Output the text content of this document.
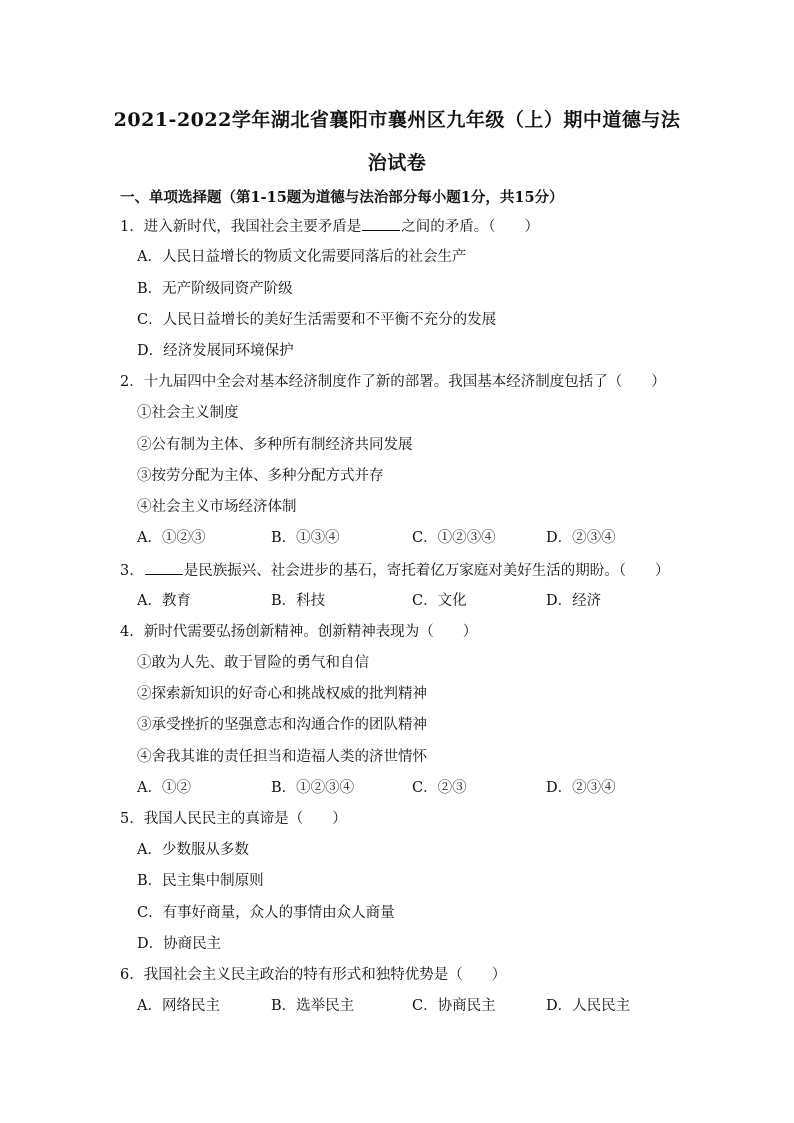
2021-2022学年湖北省襄阳市襄州区九年级（上）期中道德与法
治试卷
一、单项选择题（第1-15题为道德与法治部分每小题1分，共15分）
1．进入新时代，我国社会主要矛盾是	之间的矛盾。（　　）
A．人民日益增长的物质文化需要同落后的社会生产
B．无产阶级同资产阶级
C．人民日益增长的美好生活需要和不平衡不充分的发展
D．经济发展同环境保护
2．十九届四中全会对基本经济制度作了新的部署。我国基本经济制度包括了（　　）
①社会主义制度
②公有制为主体、多种所有制经济共同发展
③按劳分配为主体、多种分配方式并存
④社会主义市场经济体制
A．①②③	B．①③④	C．①②③④	D．②③④
3．	是民族振兴、社会进步的基石，寄托着亿万家庭对美好生活的期盼。（　　）
A．教育	B．科技	C．文化	D．经济
4．新时代需要弘扬创新精神。创新精神表现为（　　）
①敢为人先、敢于冒险的勇气和自信
②探索新知识的好奇心和挑战权威的批判精神
③承受挫折的坚强意志和沟通合作的团队精神
④舍我其谁的责任担当和造福人类的济世情怀
A．①②	B．①②③④	C．②③	D．②③④
5．我国人民民主的真谛是（　　）
A．少数服从多数
B．民主集中制原则
C．有事好商量，众人的事情由众人商量
D．协商民主
6．我国社会主义民主政治的特有形式和独特优势是（　　）
A．网络民主	B．选举民主	C．协商民主	D．人民民主
